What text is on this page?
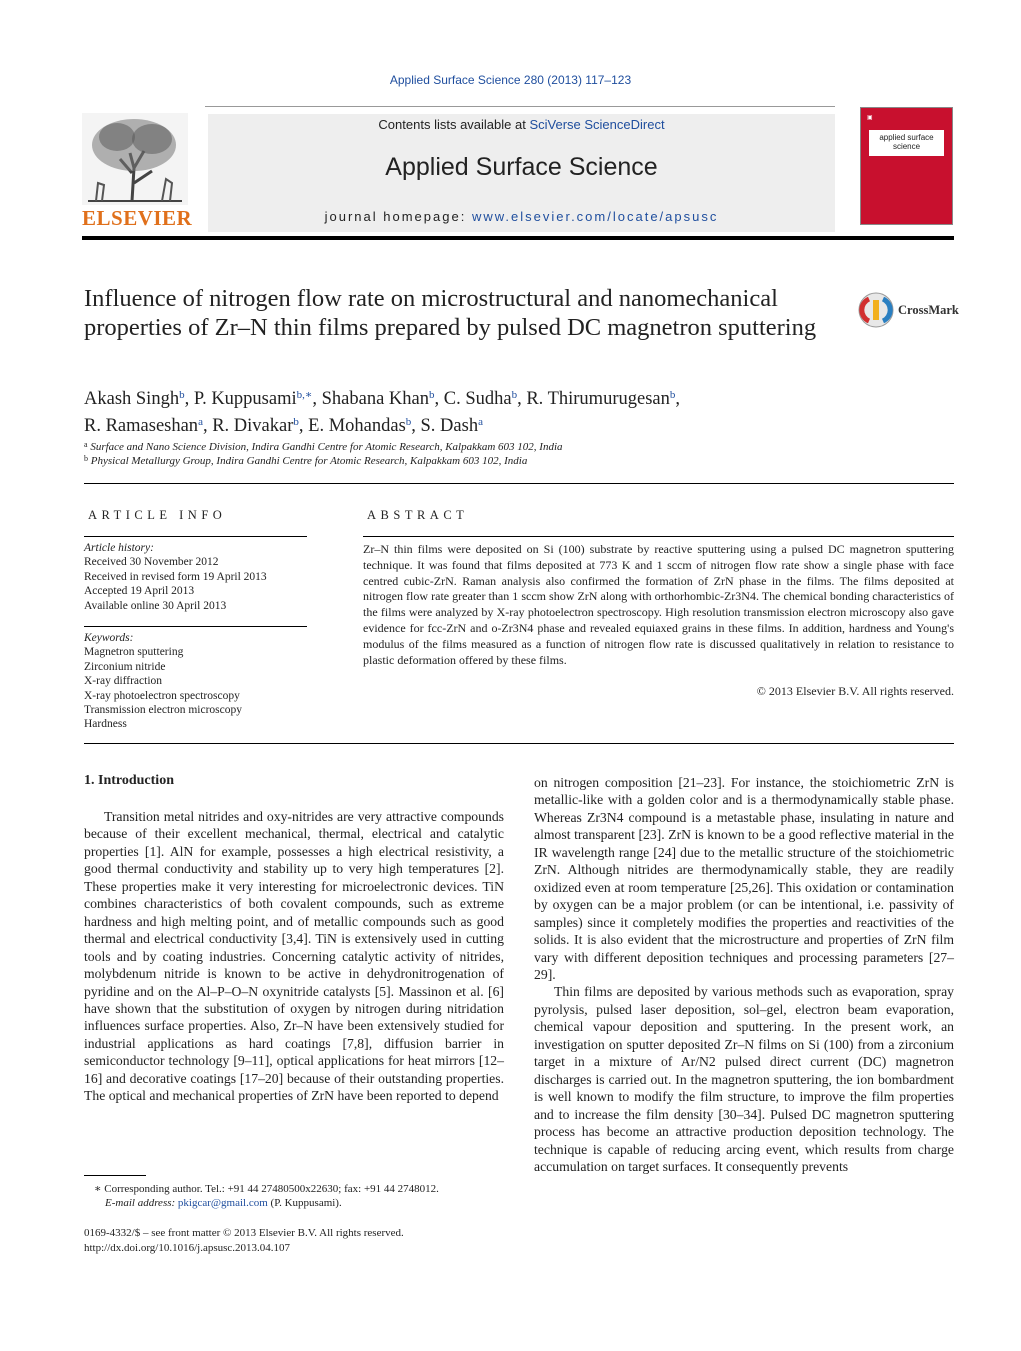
Applied Surface Science 280 (2013) 117–123
ELSEVIER
Contents lists available at SciVerse ScienceDirect
Applied Surface Science
journal homepage: www.elsevier.com/locate/apsusc
▣
applied surface science
Influence of nitrogen flow rate on microstructural and nanomechanical properties of Zr–N thin films prepared by pulsed DC magnetron sputtering
CrossMark
Akash Singh$^b$, P. Kuppusami$^{b,∗}$, Shabana Khan$^b$, C. Sudha$^b$, R. Thirumurugesan$^b$,
R. Ramaseshan$^a$, R. Divakar$^b$, E. Mohandas$^b$, S. Dash$^a$
$^a$ Surface and Nano Science Division, Indira Gandhi Centre for Atomic Research, Kalpakkam 603 102, India
$^b$ Physical Metallurgy Group, Indira Gandhi Centre for Atomic Research, Kalpakkam 603 102, India
ARTICLE INFO
Article history:
Received 30 November 2012
Received in revised form 19 April 2013
Accepted 19 April 2013
Available online 30 April 2013
Keywords:
Magnetron sputtering
Zirconium nitride
X-ray diffraction
X-ray photoelectron spectroscopy
Transmission electron microscopy
Hardness
ABSTRACT
Zr–N thin films were deposited on Si (100) substrate by reactive sputtering using a pulsed DC magnetron sputtering technique. It was found that films deposited at 773 K and 1 sccm of nitrogen flow rate show a single phase with face centred cubic-ZrN. Raman analysis also confirmed the formation of ZrN phase in the films. The films deposited at nitrogen flow rate greater than 1 sccm show ZrN along with orthorhombic-Zr3N4. The chemical bonding characteristics of the films were analyzed by X-ray photoelectron spectroscopy. High resolution transmission electron microscopy also gave evidence for fcc-ZrN and o-Zr3N4 phase and revealed equiaxed grains in these films. In addition, hardness and Young's modulus of the films measured as a function of nitrogen flow rate is discussed qualitatively in relation to resistance to plastic deformation offered by these films.
© 2013 Elsevier B.V. All rights reserved.
1. Introduction

Transition metal nitrides and oxy-nitrides are very attractive compounds because of their excellent mechanical, thermal, electrical and catalytic properties [1]. AlN for example, possesses a high electrical resistivity, a good thermal conductivity and stability up to very high temperatures [2]. These properties make it very interesting for microelectronic devices. TiN combines characteristics of both covalent compounds, such as extreme hardness and high melting point, and of metallic compounds such as good thermal and electrical conductivity [3,4]. TiN is extensively used in cutting tools and by coating industries. Concerning catalytic activity of nitrides, molybdenum nitride is known to be active in dehydronitrogenation of pyridine and on the Al–P–O–N oxynitride catalysts [5]. Massinon et al. [6] have shown that the substitution of oxygen by nitrogen during nitridation influences surface properties. Also, Zr–N have been extensively studied for industrial applications as hard coatings [7,8], diffusion barrier in semiconductor technology [9–11], optical applications for heat mirrors [12–16] and decorative coatings [17–20] because of their outstanding properties. The optical and mechanical properties of ZrN have been reported to depend

on nitrogen composition [21–23]. For instance, the stoichiometric ZrN is metallic-like with a golden color and is a thermodynamically stable phase. Whereas Zr3N4 compound is a metastable phase, insulating in nature and almost transparent [23]. ZrN is known to be a good reflective material in the IR wavelength range [24] due to the metallic structure of the stoichiometric ZrN. Although nitrides are thermodynamically stable, they are readily oxidized even at room temperature [25,26]. This oxidation or contamination by oxygen can be a major problem (or can be intentional, i.e. passivity of samples) since it completely modifies the properties and reactivities of the solids. It is also evident that the microstructure and properties of ZrN film vary with different deposition techniques and processing parameters [27–29].

Thin films are deposited by various methods such as evaporation, spray pyrolysis, pulsed laser deposition, sol–gel, electron beam evaporation, chemical vapour deposition and sputtering. In the present work, an investigation on sputter deposited Zr–N films on Si (100) from a zirconium target in a mixture of Ar/N2 pulsed direct current (DC) magnetron discharges is carried out. In the magnetron sputtering, the ion bombardment is well known to modify the film structure, to improve the film properties and to increase the film density [30–34]. Pulsed DC magnetron sputtering process has become an attractive production deposition technology. The technique is capable of reducing arcing event, which results from charge accumulation on target surfaces. It consequently prevents

∗ Corresponding author. Tel.: +91 44 27480500x22630; fax: +91 44 2748012.
E-mail address: pkigcar@gmail.com (P. Kuppusami).
0169-4332/$ – see front matter © 2013 Elsevier B.V. All rights reserved.
http://dx.doi.org/10.1016/j.apsusc.2013.04.107
